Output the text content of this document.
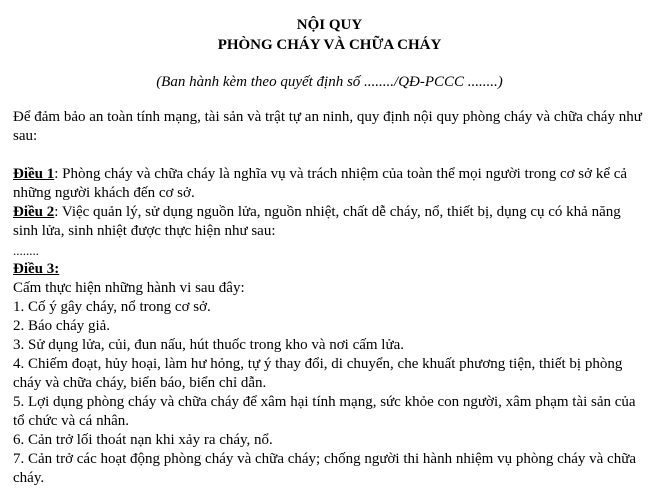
NỘI QUY
PHÒNG CHÁY VÀ CHỮA CHÁY
(Ban hành kèm theo quyết định số ......../QĐ-PCCC ........)

Để đảm bảo an toàn tính mạng, tài sản và trật tự an ninh, quy định nội quy phòng cháy và chữa cháy như sau:

Điều 1: Phòng cháy và chữa cháy là nghĩa vụ và trách nhiệm của toàn thể mọi người trong cơ sở kể cả những người khách đến cơ sở.

Điều 2: Việc quản lý, sử dụng nguồn lửa, nguồn nhiệt, chất dễ cháy, nổ, thiết bị, dụng cụ có khả năng sinh lửa, sinh nhiệt được thực hiện như sau:

........

Điều 3:

Cấm thực hiện những hành vi sau đây:

1. Cố ý gây cháy, nổ trong cơ sở.

2. Báo cháy giả.

3. Sử dụng lửa, củi, đun nấu, hút thuốc trong kho và nơi cấm lửa.

4. Chiếm đoạt, hủy hoại, làm hư hỏng, tự ý thay đổi, di chuyển, che khuất phương tiện, thiết bị phòng cháy và chữa cháy, biển báo, biển chỉ dẫn.

5. Lợi dụng phòng cháy và chữa cháy để xâm hại tính mạng, sức khỏe con người, xâm phạm tài sản của tổ chức và cá nhân.

6. Cản trở lối thoát nạn khi xảy ra cháy, nổ.

7. Cản trở các hoạt động phòng cháy và chữa cháy; chống người thi hành nhiệm vụ phòng cháy và chữa cháy.
